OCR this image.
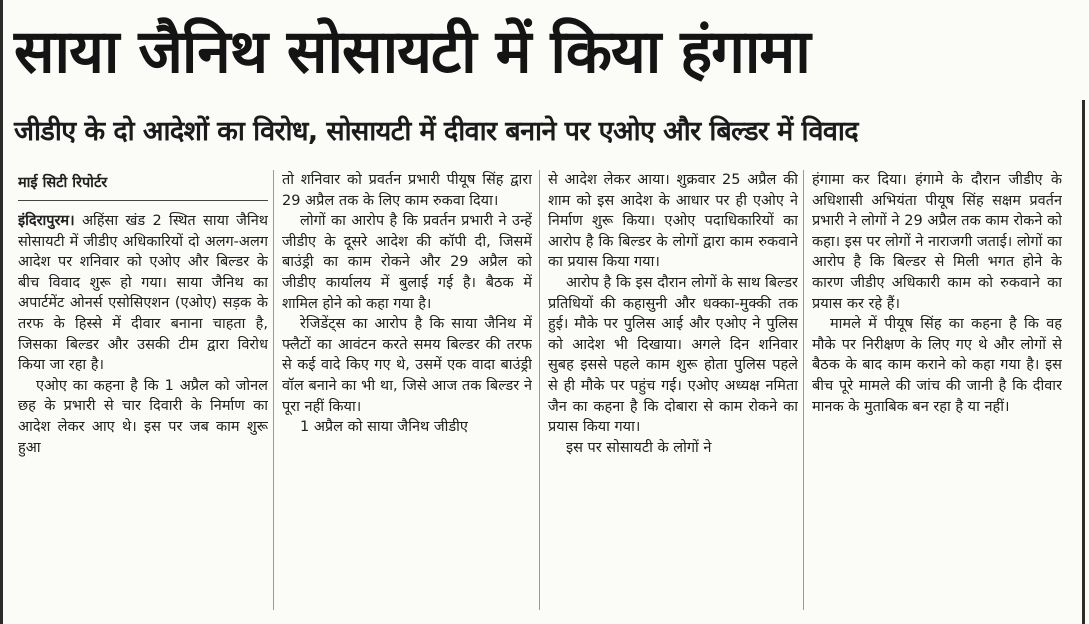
साया जैनिथ सोसायटी में किया हंगामा
जीडीए के दो आदेशों का विरोध, सोसायटी में दीवार बनाने पर एओए और बिल्डर में विवाद
माई सिटी रिपोर्टर

इंदिरापुरम। अहिंसा खंड 2 स्थित साया जैनिथ सोसायटी में जीडीए अधिकारियों दो अलग-अलग आदेश पर शनिवार को एओए और बिल्डर के बीच विवाद शुरू हो गया। साया जैनिथ का अपार्टमेंट ओनर्स एसोसिएशन (एओए) सड़क के तरफ के हिस्से में दीवार बनाना चाहता है, जिसका बिल्डर और उसकी टीम द्वारा विरोध किया जा रहा है।

एओए का कहना है कि 1 अप्रैल को जोनल छह के प्रभारी से चार दिवारी के निर्माण का आदेश लेकर आए थे। इस पर जब काम शुरू हुआ

तो शनिवार को प्रवर्तन प्रभारी पीयूष सिंह द्वारा 29 अप्रैल तक के लिए काम रुकवा दिया।

लोगों का आरोप है कि प्रवर्तन प्रभारी ने उन्हें जीडीए के दूसरे आदेश की कॉपी दी, जिसमें बाउंड्री का काम रोकने और 29 अप्रैल को जीडीए कार्यालय में बुलाई गई है। बैठक में शामिल होने को कहा गया है।

रेजिडेंट्स का आरोप है कि साया जैनिथ में फ्लैटों का आवंटन करते समय बिल्डर की तरफ से कई वादे किए गए थे, उसमें एक वादा बाउंड्री वॉल बनाने का भी था, जिसे आज तक बिल्डर ने पूरा नहीं किया।

1 अप्रैल को साया जैनिथ जीडीए

से आदेश लेकर आया। शुक्रवार 25 अप्रैल की शाम को इस आदेश के आधार पर ही एओए ने निर्माण शुरू किया। एओए पदाधिकारियों का आरोप है कि बिल्डर के लोगों द्वारा काम रुकवाने का प्रयास किया गया।

आरोप है कि इस दौरान लोगों के साथ बिल्डर प्रतिधियों की कहासुनी और धक्का-मुक्की तक हुई। मौके पर पुलिस आई और एओए ने पुलिस को आदेश भी दिखाया। अगले दिन शनिवार सुबह इससे पहले काम शुरू होता पुलिस पहले से ही मौके पर पहुंच गई। एओए अध्यक्ष नमिता जैन का कहना है कि दोबारा से काम रोकने का प्रयास किया गया।

इस पर सोसायटी के लोगों ने

हंगामा कर दिया। हंगामे के दौरान जीडीए के अधिशासी अभियंता पीयूष सिंह सक्षम प्रवर्तन प्रभारी ने लोगों ने 29 अप्रैल तक काम रोकने को कहा। इस पर लोगों ने नाराजगी जताई। लोगों का आरोप है कि बिल्डर से मिली भगत होने के कारण जीडीए अधिकारी काम को रुकवाने का प्रयास कर रहे हैं।

मामले में पीयूष सिंह का कहना है कि वह मौके पर निरीक्षण के लिए गए थे और लोगों से बैठक के बाद काम कराने को कहा गया है। इस बीच पूरे मामले की जांच की जानी है कि दीवार मानक के मुताबिक बन रहा है या नहीं।
